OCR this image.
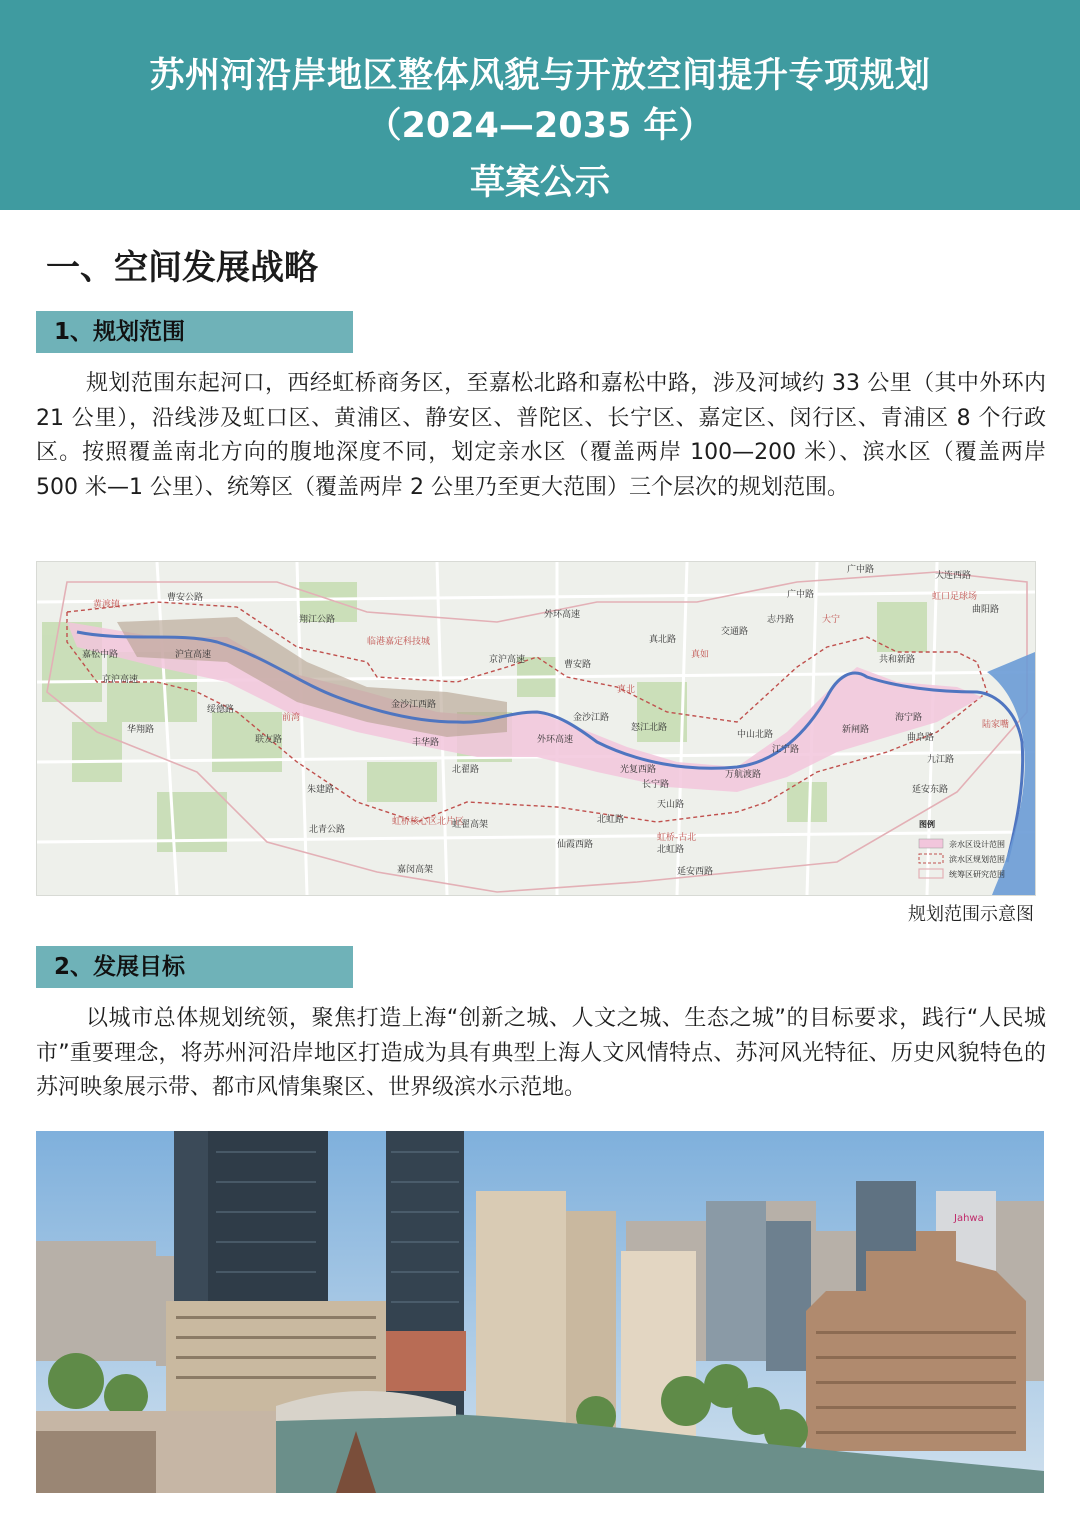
苏州河沿岸地区整体风貌与开放空间提升专项规划
（2024—2035 年）
草案公示
一、空间发展战略
1、规划范围
规划范围东起河口，西经虹桥商务区，至嘉松北路和嘉松中路，涉及河域约 33 公里（其中外环内 21 公里），沿线涉及虹口区、黄浦区、静安区、普陀区、长宁区、嘉定区、闵行区、青浦区 8 个行政区。按照覆盖南北方向的腹地深度不同，划定亲水区（覆盖两岸 100—200 米）、滨水区（覆盖两岸 500 米—1 公里）、统筹区（覆盖两岸 2 公里乃至更大范围）三个层次的规划范围。
曹安公路
翔江公路
沪宜高速
京沪高速
华翔路
嘉松中路
绥德路
联友路
朱建路
北青公路
外环高速
京沪高速	曹安路
金沙江西路
丰华路
北翟路
虹翟高架
嘉闵高架
金沙江路
怒江北路
真北路
交通路
志丹路
广中路
广中路
大连西路
曲阳路
中山北路
光复西路
长宁路
天山路
万航渡路
仙霞西路	北虹路
延安西路
共和新路
海宁路
曲阜路
九江路
延安东路
新闸路
江宁路
外环高速
北虹路
黄渡镇
临港嘉定科技城
虹桥核心区北片区
真如
真北
虹桥-古北
大宁
虹口足球场
陆家嘴
前湾
图例
亲水区设计范围
滨水区规划范围
统筹区研究范围
规划范围示意图
2、发展目标
以城市总体规划统领，聚焦打造上海“创新之城、人文之城、生态之城”的目标要求，践行“人民城市”重要理念，将苏州河沿岸地区打造成为具有典型上海人文风情特点、苏河风光特征、历史风貌特色的苏河映象展示带、都市风情集聚区、世界级滨水示范地。
Jahwa
